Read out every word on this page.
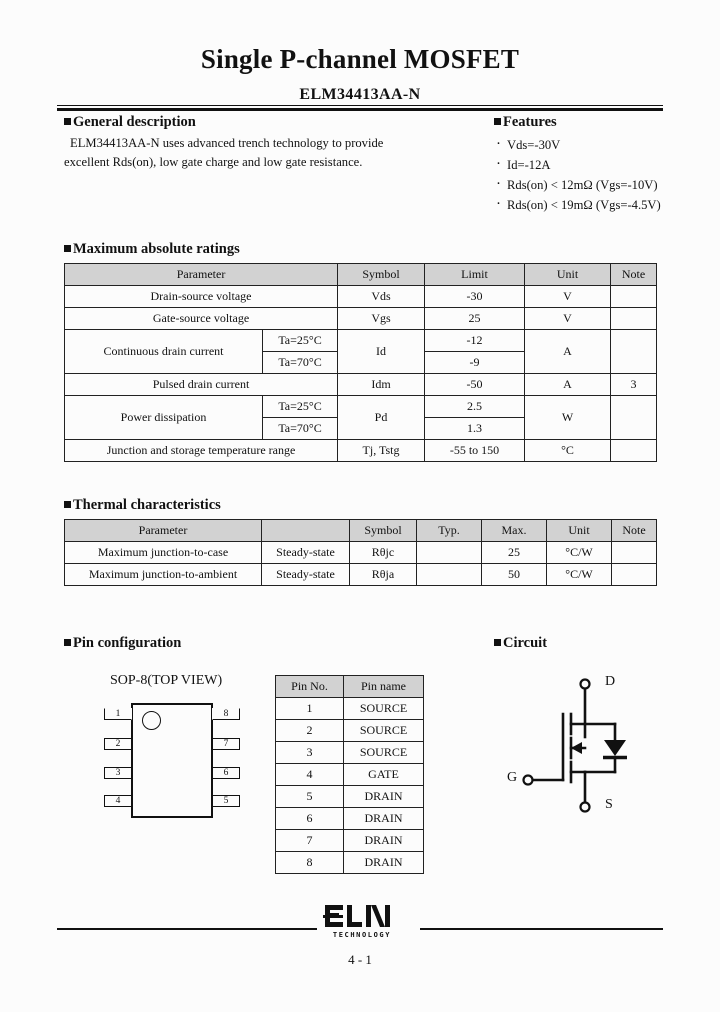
Single P-channel MOSFET
ELM34413AA-N
General description
ELM34413AA-N uses advanced trench technology to provide excellent Rds(on), low gate charge and low gate resistance.
Features
· Vds=-30V
· Id=-12A
· Rds(on) < 12mΩ (Vgs=-10V)
· Rds(on) < 19mΩ (Vgs=-4.5V)
Maximum absolute ratings
Parameter		Symbol	Limit	Unit	Note
Drain-source voltage		Vds	-30	V	
Gate-source voltage		Vgs	25	V	
Continuous drain current	Ta=25°C	Id	-12	A	
	Ta=70°C		-9		
Pulsed drain current		Idm	-50	A	3
Power dissipation	Ta=25°C	Pd	2.5	W	
	Ta=70°C		1.3		
Junction and storage temperature range		Tj, Tstg	-55 to 150	°C	
Thermal characteristics
Parameter		Symbol	Typ.	Max.	Unit	Note
Maximum junction-to-case	Steady-state	Rθjc		25	°C/W	
Maximum junction-to-ambient	Steady-state	Rθja		50	°C/W	
Pin configuration
SOP-8(TOP VIEW)
1
2
3
4
8
7
6
5
Pin No.	Pin name
1	SOURCE
2	SOURCE
3	SOURCE
4	GATE
5	DRAIN
6	DRAIN
7	DRAIN
8	DRAIN
Circuit
D
G
S
TECHNOLOGY
4 - 1
